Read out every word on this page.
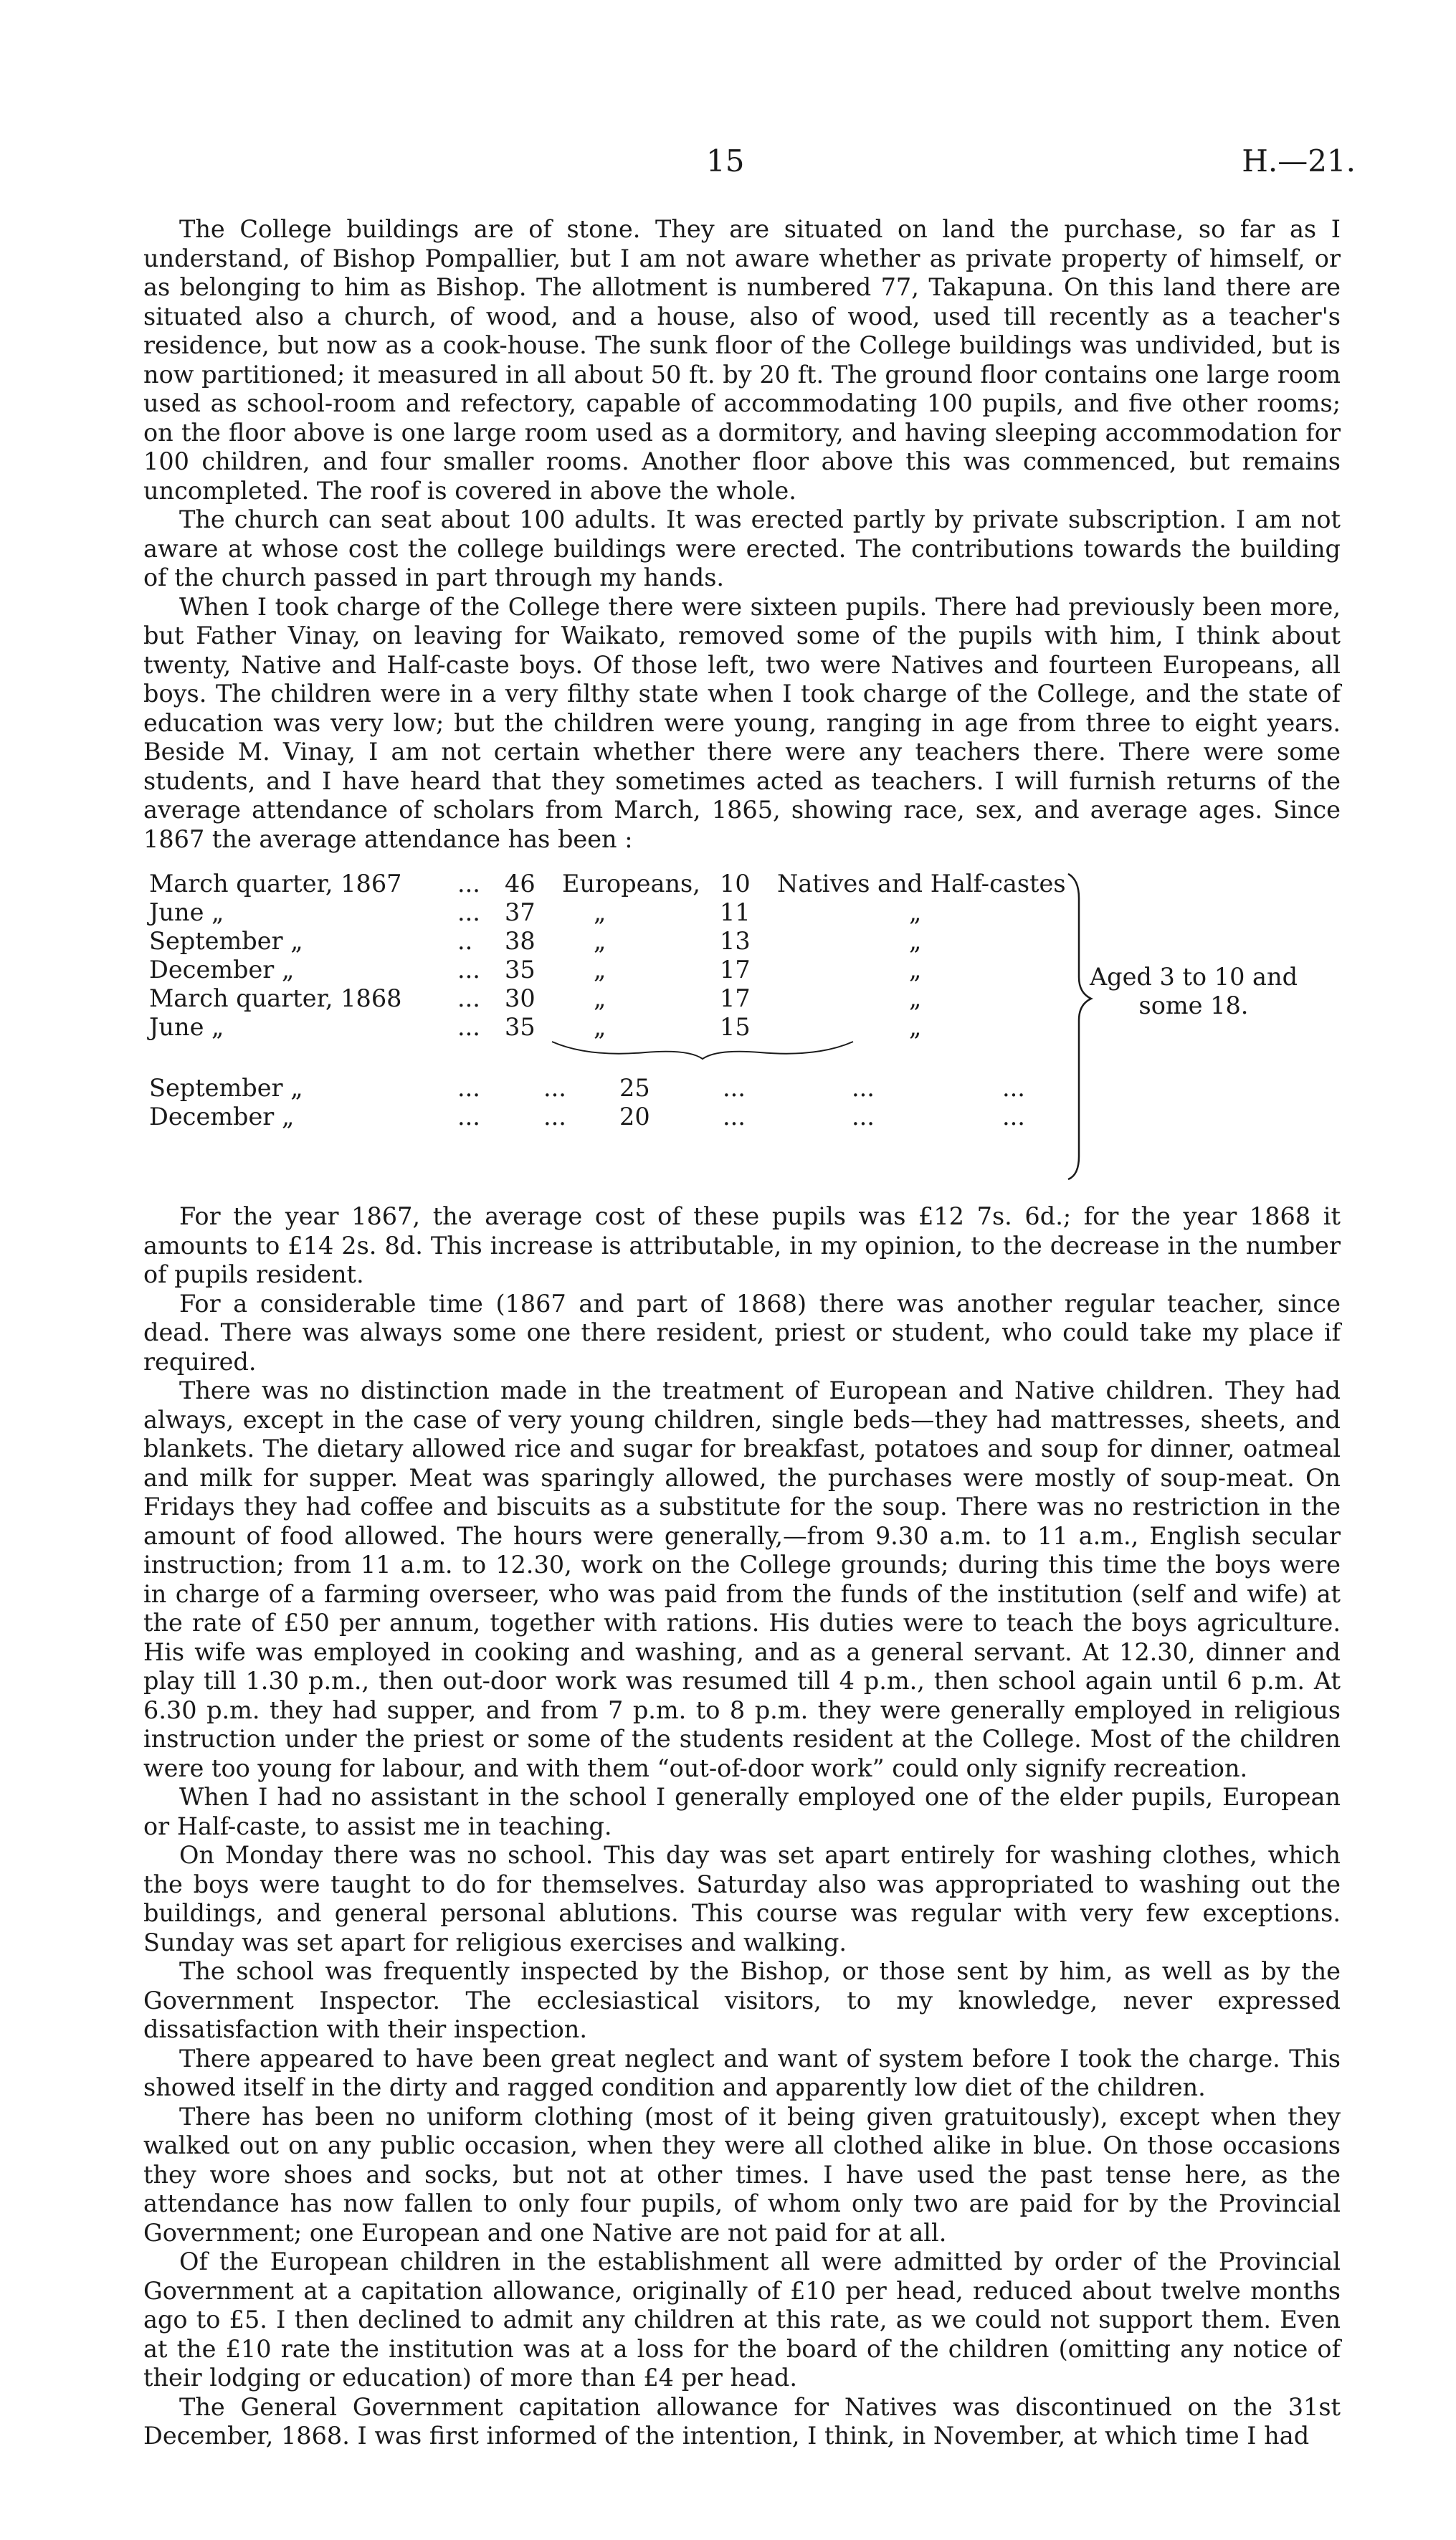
15	H.—21.

The College buildings are of stone. They are situated on land the purchase, so far as I understand, of Bishop Pompallier, but I am not aware whether as private property of himself, or as belonging to him as Bishop. The allotment is numbered 77, Takapuna. On this land there are situated also a church, of wood, and a house, also of wood, used till recently as a teacher's residence, but now as a cook-house. The sunk floor of the College buildings was undivided, but is now partitioned; it measured in all about 50 ft. by 20 ft. The ground floor contains one large room used as school-room and refectory, capable of accommodating 100 pupils, and five other rooms; on the floor above is one large room used as a dormitory, and having sleeping accommodation for 100 children, and four smaller rooms. Another floor above this was commenced, but remains uncompleted. The roof is covered in above the whole.

The church can seat about 100 adults. It was erected partly by private subscription. I am not aware at whose cost the college buildings were erected. The contributions towards the building of the church passed in part through my hands.

When I took charge of the College there were sixteen pupils. There had previously been more, but Father Vinay, on leaving for Waikato, removed some of the pupils with him, I think about twenty, Native and Half-caste boys. Of those left, two were Natives and fourteen Europeans, all boys. The children were in a very filthy state when I took charge of the College, and the state of education was very low; but the children were young, ranging in age from three to eight years. Beside M. Vinay, I am not certain whether there were any teachers there. There were some students, and I have heard that they sometimes acted as teachers. I will furnish returns of the average attendance of scholars from March, 1865, showing race, sex, and average ages. Since 1867 the average attendance has been :

March quarter, 1867 ... 46 Europeans, 10 Natives and Half-castes
June „	... 37 „	11	„
September „	.. 38 „	13	„
December „	... 35 „	17	„
March quarter, 1868 ... 30 „	17	„
June „	... 35 „	15	„
September „	...	... 25	...	...	...
December „	...	... 20	...	...	...
Aged 3 to 10 and some 18.

For the year 1867, the average cost of these pupils was £12 7s. 6d.; for the year 1868 it amounts to £14 2s. 8d. This increase is attributable, in my opinion, to the decrease in the number of pupils resident.

For a considerable time (1867 and part of 1868) there was another regular teacher, since dead. There was always some one there resident, priest or student, who could take my place if required.

There was no distinction made in the treatment of European and Native children. They had always, except in the case of very young children, single beds—they had mattresses, sheets, and blankets. The dietary allowed rice and sugar for breakfast, potatoes and soup for dinner, oatmeal and milk for supper. Meat was sparingly allowed, the purchases were mostly of soup-meat. On Fridays they had coffee and biscuits as a substitute for the soup. There was no restriction in the amount of food allowed. The hours were generally,—from 9.30 a.m. to 11 a.m., English secular instruction; from 11 a.m. to 12.30, work on the College grounds; during this time the boys were in charge of a farming overseer, who was paid from the funds of the institution (self and wife) at the rate of £50 per annum, together with rations. His duties were to teach the boys agriculture. His wife was employed in cooking and washing, and as a general servant. At 12.30, dinner and play till 1.30 p.m., then out-door work was resumed till 4 p.m., then school again until 6 p.m. At 6.30 p.m. they had supper, and from 7 p.m. to 8 p.m. they were generally employed in religious instruction under the priest or some of the students resident at the College. Most of the children were too young for labour, and with them “out-of-door work” could only signify recreation.

When I had no assistant in the school I generally employed one of the elder pupils, European or Half-caste, to assist me in teaching.

On Monday there was no school. This day was set apart entirely for washing clothes, which the boys were taught to do for themselves. Saturday also was appropriated to washing out the buildings, and general personal ablutions. This course was regular with very few exceptions. Sunday was set apart for religious exercises and walking.

The school was frequently inspected by the Bishop, or those sent by him, as well as by the Government Inspector. The ecclesiastical visitors, to my knowledge, never expressed dissatisfaction with their inspection.

There appeared to have been great neglect and want of system before I took the charge. This showed itself in the dirty and ragged condition and apparently low diet of the children.

There has been no uniform clothing (most of it being given gratuitously), except when they walked out on any public occasion, when they were all clothed alike in blue. On those occasions they wore shoes and socks, but not at other times. I have used the past tense here, as the attendance has now fallen to only four pupils, of whom only two are paid for by the Provincial Government; one European and one Native are not paid for at all.

Of the European children in the establishment all were admitted by order of the Provincial Government at a capitation allowance, originally of £10 per head, reduced about twelve months ago to £5. I then declined to admit any children at this rate, as we could not support them. Even at the £10 rate the institution was at a loss for the board of the children (omitting any notice of their lodging or education) of more than £4 per head.

The General Government capitation allowance for Natives was discontinued on the 31st December, 1868. I was first informed of the intention, I think, in November, at which time I had
